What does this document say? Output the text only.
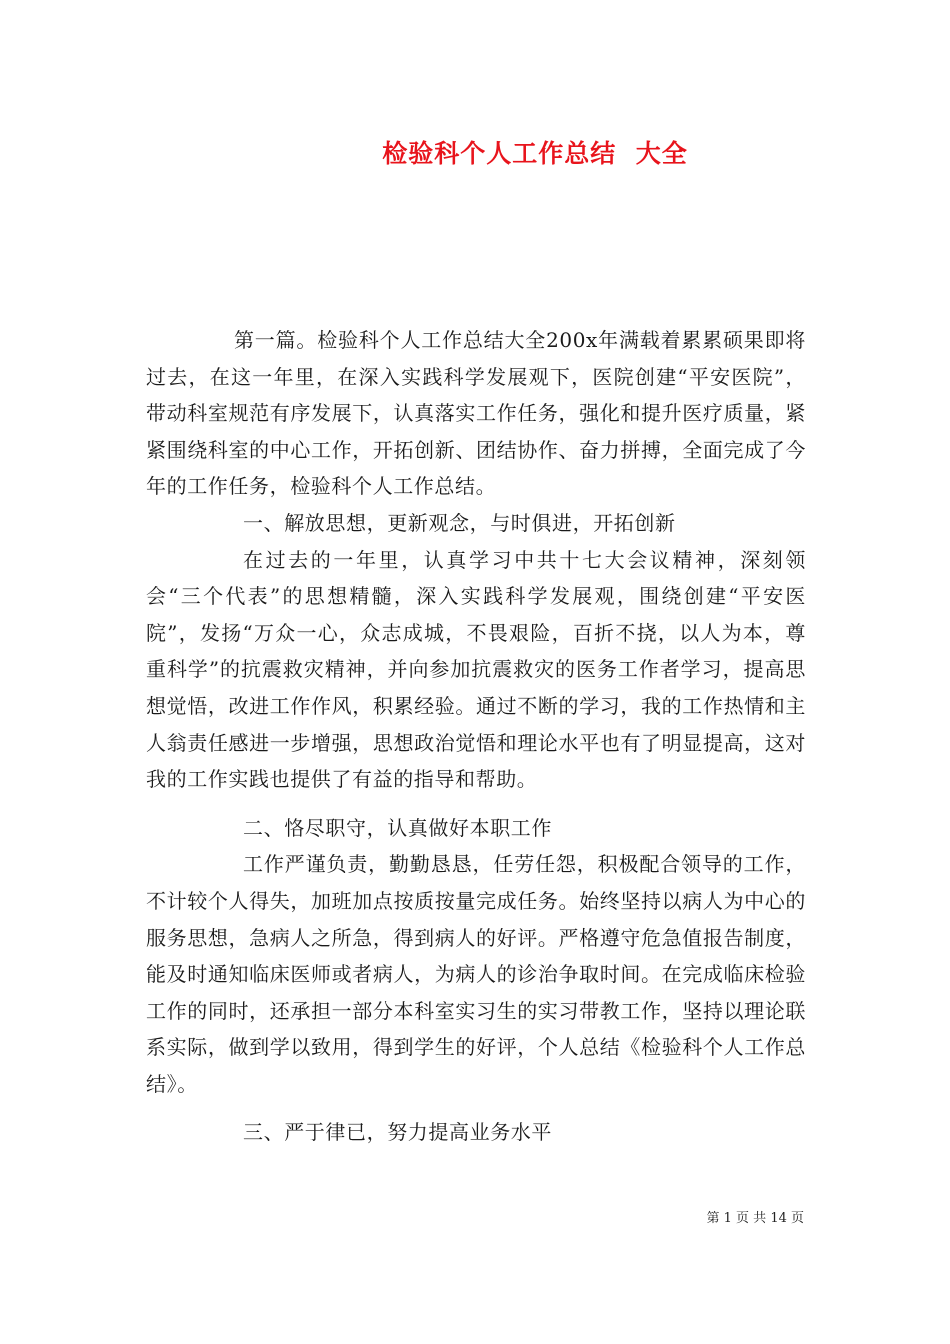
检验科个人工作总结  大全

第一篇。检验科个人工作总结大全200x年满载着累累硕果即将过去，在这一年里，在深入实践科学发展观下，医院创建“平安医院”，带动科室规范有序发展下，认真落实工作任务，强化和提升医疗质量，紧紧围绕科室的中心工作，开拓创新、团结协作、奋力拼搏，全面完成了今年的工作任务，检验科个人工作总结。

一、解放思想，更新观念，与时俱进，开拓创新

在过去的一年里，认真学习中共十七大会议精神，深刻领会“三个代表”的思想精髓，深入实践科学发展观，围绕创建“平安医院”，发扬“万众一心，众志成城，不畏艰险，百折不挠，以人为本，尊重科学”的抗震救灾精神，并向参加抗震救灾的医务工作者学习，提高思想觉悟，改进工作作风，积累经验。通过不断的学习，我的工作热情和主人翁责任感进一步增强，思想政治觉悟和理论水平也有了明显提高，这对我的工作实践也提供了有益的指导和帮助。

二、恪尽职守，认真做好本职工作

工作严谨负责，勤勤恳恳，任劳任怨，积极配合领导的工作，不计较个人得失，加班加点按质按量完成任务。始终坚持以病人为中心的服务思想，急病人之所急，得到病人的好评。严格遵守危急值报告制度，能及时通知临床医师或者病人，为病人的诊治争取时间。在完成临床检验工作的同时，还承担一部分本科室实习生的实习带教工作，坚持以理论联系实际，做到学以致用，得到学生的好评，个人总结《检验科个人工作总结》。

三、严于律已，努力提高业务水平

第 1 页 共 14 页
